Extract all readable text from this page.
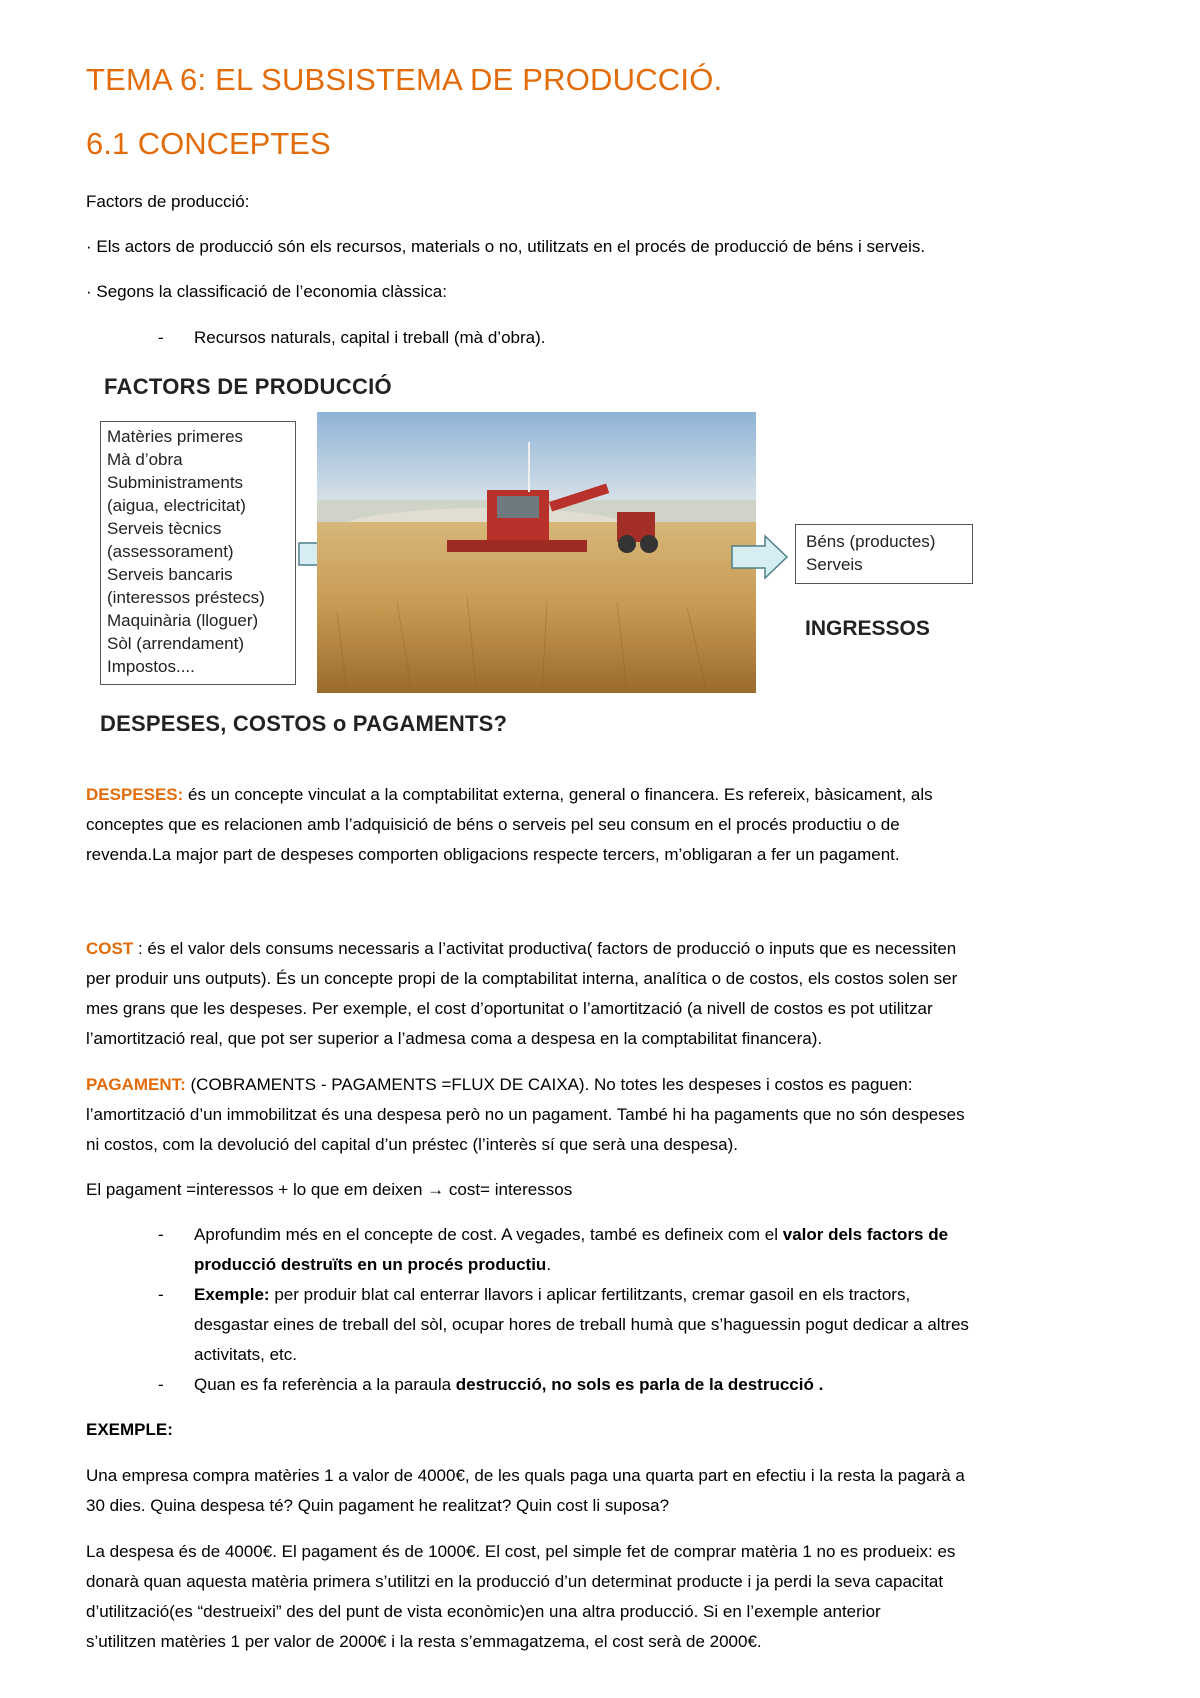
TEMA 6: EL SUBSISTEMA DE PRODUCCIÓ.
6.1 CONCEPTES
Factors de producció:
· Els actors de producció són els recursos, materials o no, utilitzats en el procés de producció de béns i serveis.
· Segons la classificació de l’economia clàssica:
- Recursos naturals, capital i treball (mà d’obra).
FACTORS DE PRODUCCIÓ
Matèries primeres
Mà d’obra
Subministraments
(aigua, electricitat)
Serveis tècnics
(assessorament)
Serveis bancaris
(interessos préstecs)
Maquinària (lloguer)
Sòl (arrendament)
Impostos....
Béns (productes)
Serveis
INGRESSOS
DESPESES, COSTOS o PAGAMENTS?
DESPESES: és un concepte vinculat a la comptabilitat externa, general o financera. Es refereix, bàsicament, als
conceptes que es relacionen amb l’adquisició de béns o serveis pel seu consum en el procés productiu o de
revenda.La major part de despeses comporten obligacions respecte tercers, m’obligaran a fer un pagament.
COST : és el valor dels consums necessaris a l’activitat productiva( factors de producció o inputs que es necessiten
per produir uns outputs). És un concepte propi de la comptabilitat interna, analítica o de costos, els costos solen ser
mes grans que les despeses. Per exemple, el cost d’oportunitat o l’amortització (a nivell de costos es pot utilitzar
l’amortització real, que pot ser superior a l’admesa coma a despesa en la comptabilitat financera).
PAGAMENT: (COBRAMENTS - PAGAMENTS =FLUX DE CAIXA). No totes les despeses i costos es paguen:
l’amortització d’un immobilitzat és una despesa però no un pagament. També hi ha pagaments que no són despeses
ni costos, com la devolució del capital d’un préstec (l’interès sí que serà una despesa).
El pagament =interessos + lo que em deixen → cost= interessos
- Aprofundim més en el concepte de cost. A vegades, també es defineix com el valor dels factors de
producció destruïts en un procés productiu.
- Exemple: per produir blat cal enterrar llavors i aplicar fertilitzants, cremar gasoil en els tractors,
desgastar eines de treball del sòl, ocupar hores de treball humà que s’haguessin pogut dedicar a altres
activitats, etc.
- Quan es fa referència a la paraula destrucció, no sols es parla de la destrucció .
EXEMPLE:
Una empresa compra matèries 1 a valor de 4000€, de les quals paga una quarta part en efectiu i la resta la pagarà a
30 dies. Quina despesa té? Quin pagament he realitzat? Quin cost li suposa?
La despesa és de 4000€. El pagament és de 1000€. El cost, pel simple fet de comprar matèria 1 no es produeix: es
donarà quan aquesta matèria primera s’utilitzi en la producció d’un determinat producte i ja perdi la seva capacitat
d’utilització(es “destrueixi” des del punt de vista econòmic)en una altra producció. Si en l’exemple anterior
s’utilitzen matèries 1 per valor de 2000€ i la resta s’emmagatzema, el cost serà de 2000€.
